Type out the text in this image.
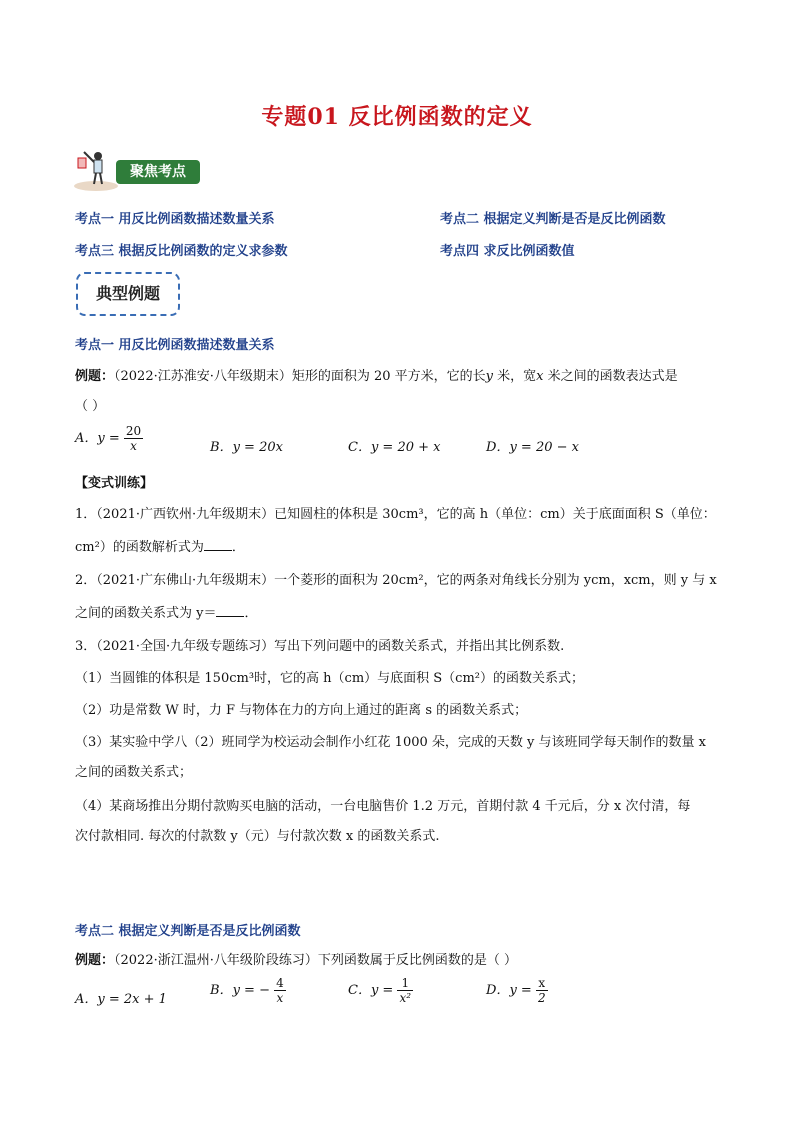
专题01 反比例函数的定义
聚焦考点
考点一 用反比例函数描述数量关系	考点二 根据定义判断是否是反比例函数
考点三 根据反比例函数的定义求参数	考点四 求反比例函数值
典型例题
考点一 用反比例函数描述数量关系
例题：（2022·江苏淮安·八年级期末）矩形的面积为 20 平方米，它的长y 米，宽x 米之间的函数表达式是
（ ）
A．$y = \frac{20}{x}$	B．y = 20x	C．y = 20 + x	D．y = 20 − x
【变式训练】
1．（2021·广西钦州·九年级期末）已知圆柱的体积是 30cm³，它的高 h（单位：cm）关于底面面积 S（单位：
cm²）的函数解析式为 ．
2．（2021·广东佛山·九年级期末）一个菱形的面积为 20cm²，它的两条对角线长分别为 ycm，xcm，则 y 与 x
之间的函数关系式为 y＝ ．
3．（2021·全国·九年级专题练习）写出下列问题中的函数关系式，并指出其比例系数.
（1）当圆锥的体积是 150cm³时，它的高 h（cm）与底面积 S（cm²）的函数关系式；
（2）功是常数 W 时，力 F 与物体在力的方向上通过的距离 s 的函数关系式；
（3）某实验中学八（2）班同学为校运动会制作小红花 1000 朵，完成的天数 y 与该班同学每天制作的数量 x
之间的函数关系式；
（4）某商场推出分期付款购买电脑的活动，一台电脑售价 1.2 万元，首期付款 4 千元后，分 x 次付清，每
次付款相同. 每次的付款数 y（元）与付款次数 x 的函数关系式.
考点二 根据定义判断是否是反比例函数
例题：（2022·浙江温州·八年级阶段练习）下列函数属于反比例函数的是（ ）
A．y = 2x + 1
B．y = − $\frac{4}{x}$	C．$y = \frac{1}{\text{x²}}$	D．$y = \frac{x}{2}$
